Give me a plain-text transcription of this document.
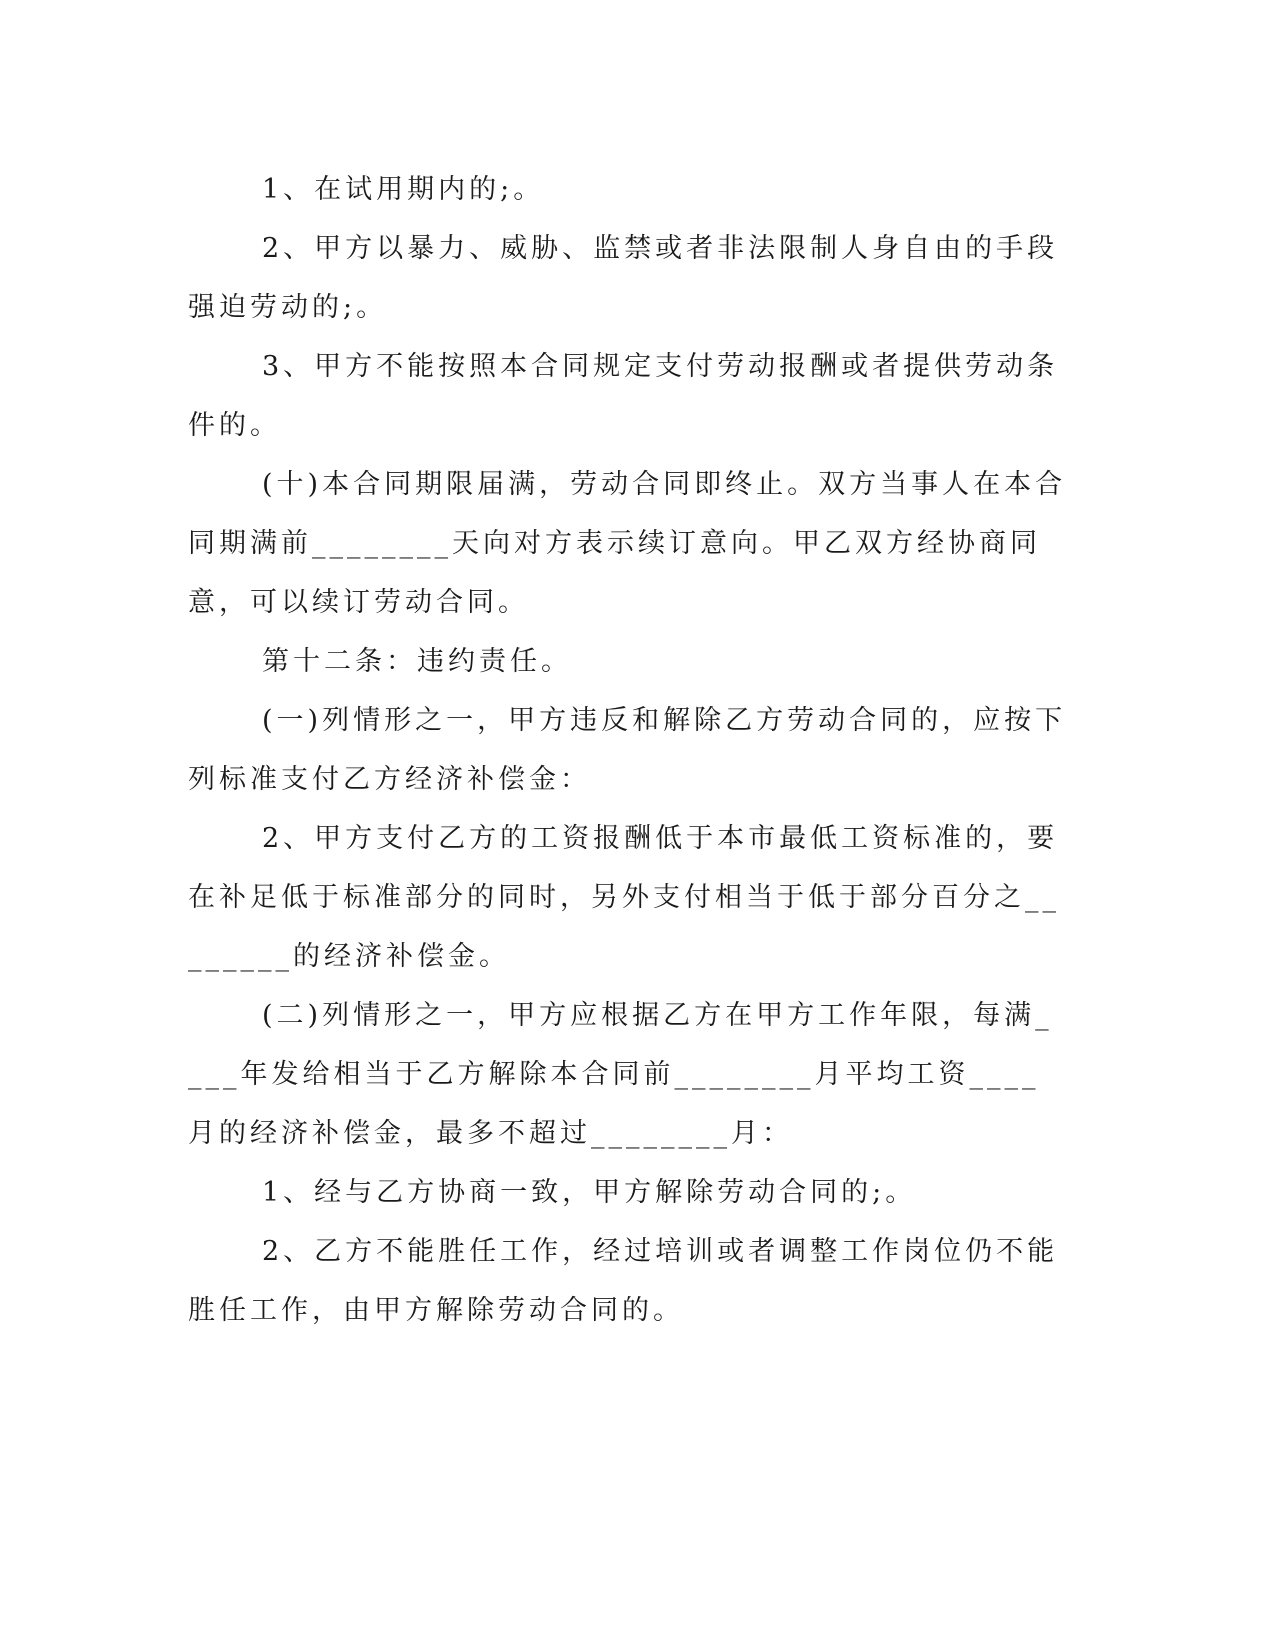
1、在试用期内的;。

2、甲方以暴力、威胁、监禁或者非法限制人身自由的手段强迫劳动的;。

3、甲方不能按照本合同规定支付劳动报酬或者提供劳动条件的。

(十)本合同期限届满，劳动合同即终止。双方当事人在本合同期满前________天向对方表示续订意向。甲乙双方经协商同意，可以续订劳动合同。

第十二条：违约责任。

(一)列情形之一，甲方违反和解除乙方劳动合同的，应按下列标准支付乙方经济补偿金：

2、甲方支付乙方的工资报酬低于本市最低工资标准的，要在补足低于标准部分的同时，另外支付相当于低于部分百分之________的经济补偿金。

(二)列情形之一，甲方应根据乙方在甲方工作年限，每满____年发给相当于乙方解除本合同前________月平均工资____月的经济补偿金，最多不超过________月：

1、经与乙方协商一致，甲方解除劳动合同的;。

2、乙方不能胜任工作，经过培训或者调整工作岗位仍不能胜任工作，由甲方解除劳动合同的。
